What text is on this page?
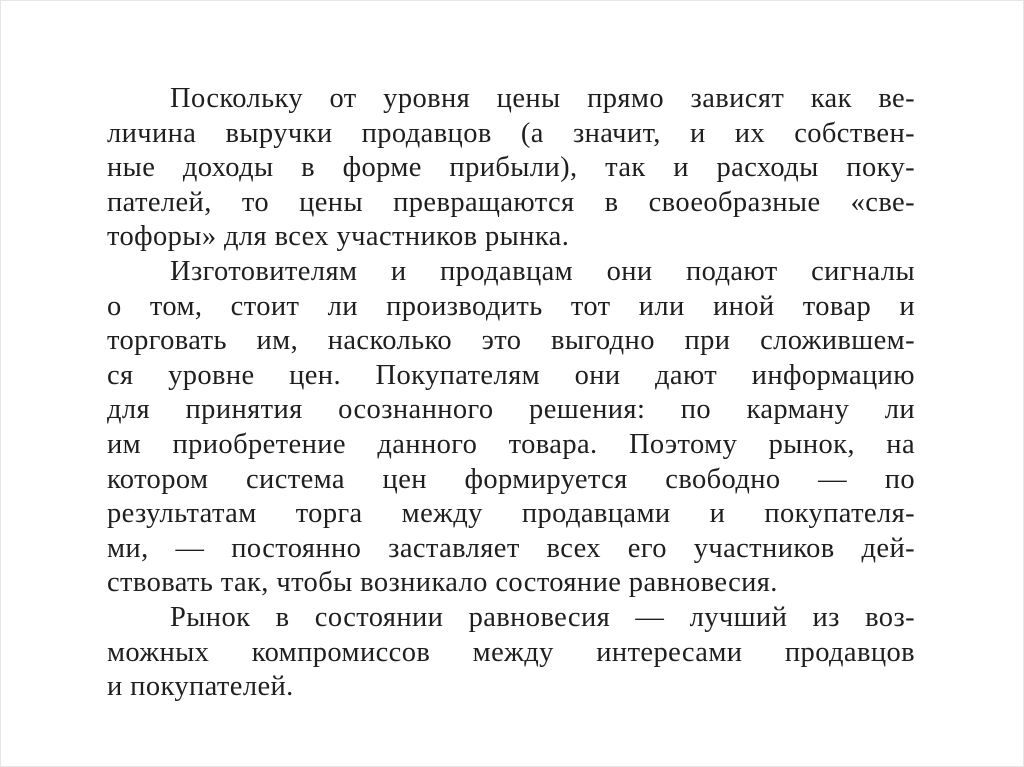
Поскольку от уровня цены прямо зависят как ве-
личина выручки продавцов (а значит, и их собствен-
ные доходы в форме прибыли), так и расходы поку-
пателей, то цены превращаются в своеобразные «све-
тофоры» для всех участников рынка.
Изготовителям и продавцам они подают сигналы
о том, стоит ли производить тот или иной товар и
торговать им, насколько это выгодно при сложившем-
ся уровне цен. Покупателям они дают информацию
для принятия осознанного решения: по карману ли
им приобретение данного товара. Поэтому рынок, на
котором система цен формируется свободно — по
результатам торга между продавцами и покупателя-
ми, — постоянно заставляет всех его участников дей-
ствовать так, чтобы возникало состояние равновесия.
Рынок в состоянии равновесия — лучший из воз-
можных компромиссов между интересами продавцов
и покупателей.
